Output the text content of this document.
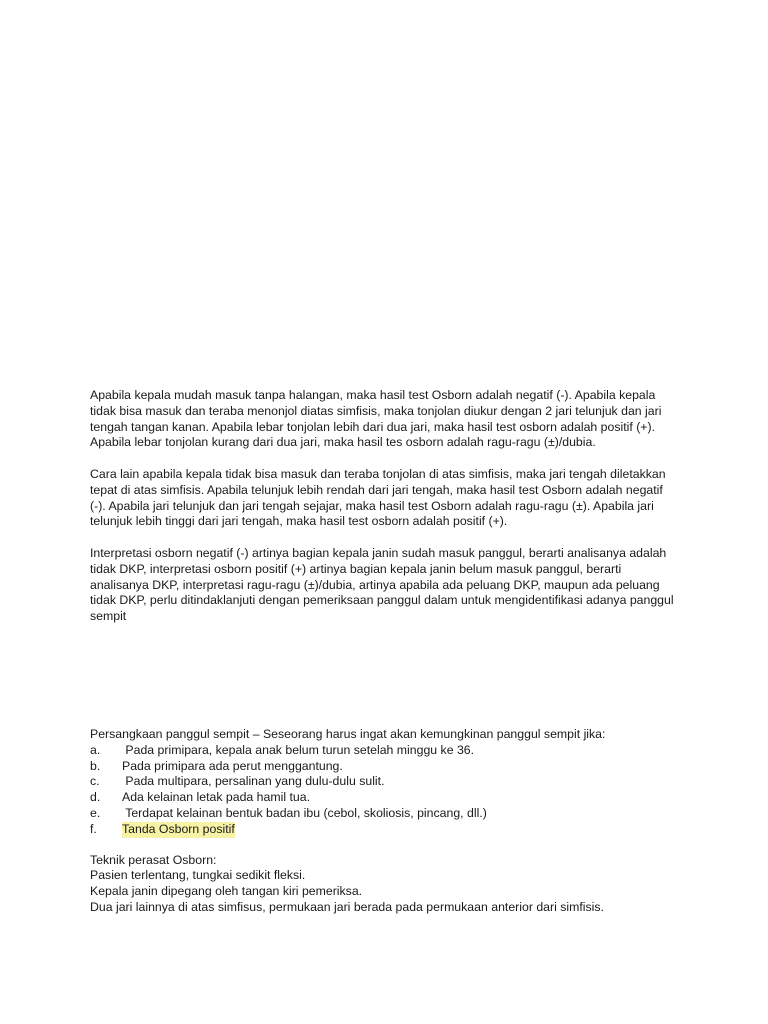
Apabila kepala mudah masuk tanpa halangan, maka hasil test Osborn adalah negatif (-). Apabila kepala tidak bisa masuk dan teraba menonjol diatas simfisis, maka tonjolan diukur dengan 2 jari telunjuk dan jari tengah tangan kanan. Apabila lebar tonjolan lebih dari dua jari, maka hasil test osborn adalah positif (+). Apabila lebar tonjolan kurang dari dua jari, maka hasil tes osborn adalah ragu-ragu (±)/dubia.

Cara lain apabila kepala tidak bisa masuk dan teraba tonjolan di atas simfisis, maka jari tengah diletakkan tepat di atas simfisis. Apabila telunjuk lebih rendah dari jari tengah, maka hasil test Osborn adalah negatif (-). Apabila jari telunjuk dan jari tengah sejajar, maka hasil test Osborn adalah ragu-ragu (±). Apabila jari telunjuk lebih tinggi dari jari tengah, maka hasil test osborn adalah positif (+).

Interpretasi osborn negatif (-) artinya bagian kepala janin sudah masuk panggul, berarti analisanya adalah tidak DKP, interpretasi osborn positif (+) artinya bagian kepala janin belum masuk panggul, berarti analisanya DKP, interpretasi ragu-ragu (±)/dubia, artinya apabila ada peluang DKP, maupun ada peluang tidak DKP, perlu ditindaklanjuti dengan pemeriksaan panggul dalam untuk mengidentifikasi adanya panggul sempit

Persangkaan panggul sempit – Seseorang harus ingat akan kemungkinan panggul sempit jika:

a.	Pada primipara, kepala anak belum turun setelah minggu ke 36.
b.	Pada primipara ada perut menggantung.
c.	Pada multipara, persalinan yang dulu-dulu sulit.
d.	Ada kelainan letak pada hamil tua.
e.	Terdapat kelainan bentuk badan ibu (cebol, skoliosis, pincang, dll.)
f.	Tanda Osborn positif

Teknik perasat Osborn:

Pasien terlentang, tungkai sedikit fleksi.

Kepala janin dipegang oleh tangan kiri pemeriksa.

Dua jari lainnya di atas simfisus, permukaan jari berada pada permukaan anterior dari simfisis.
